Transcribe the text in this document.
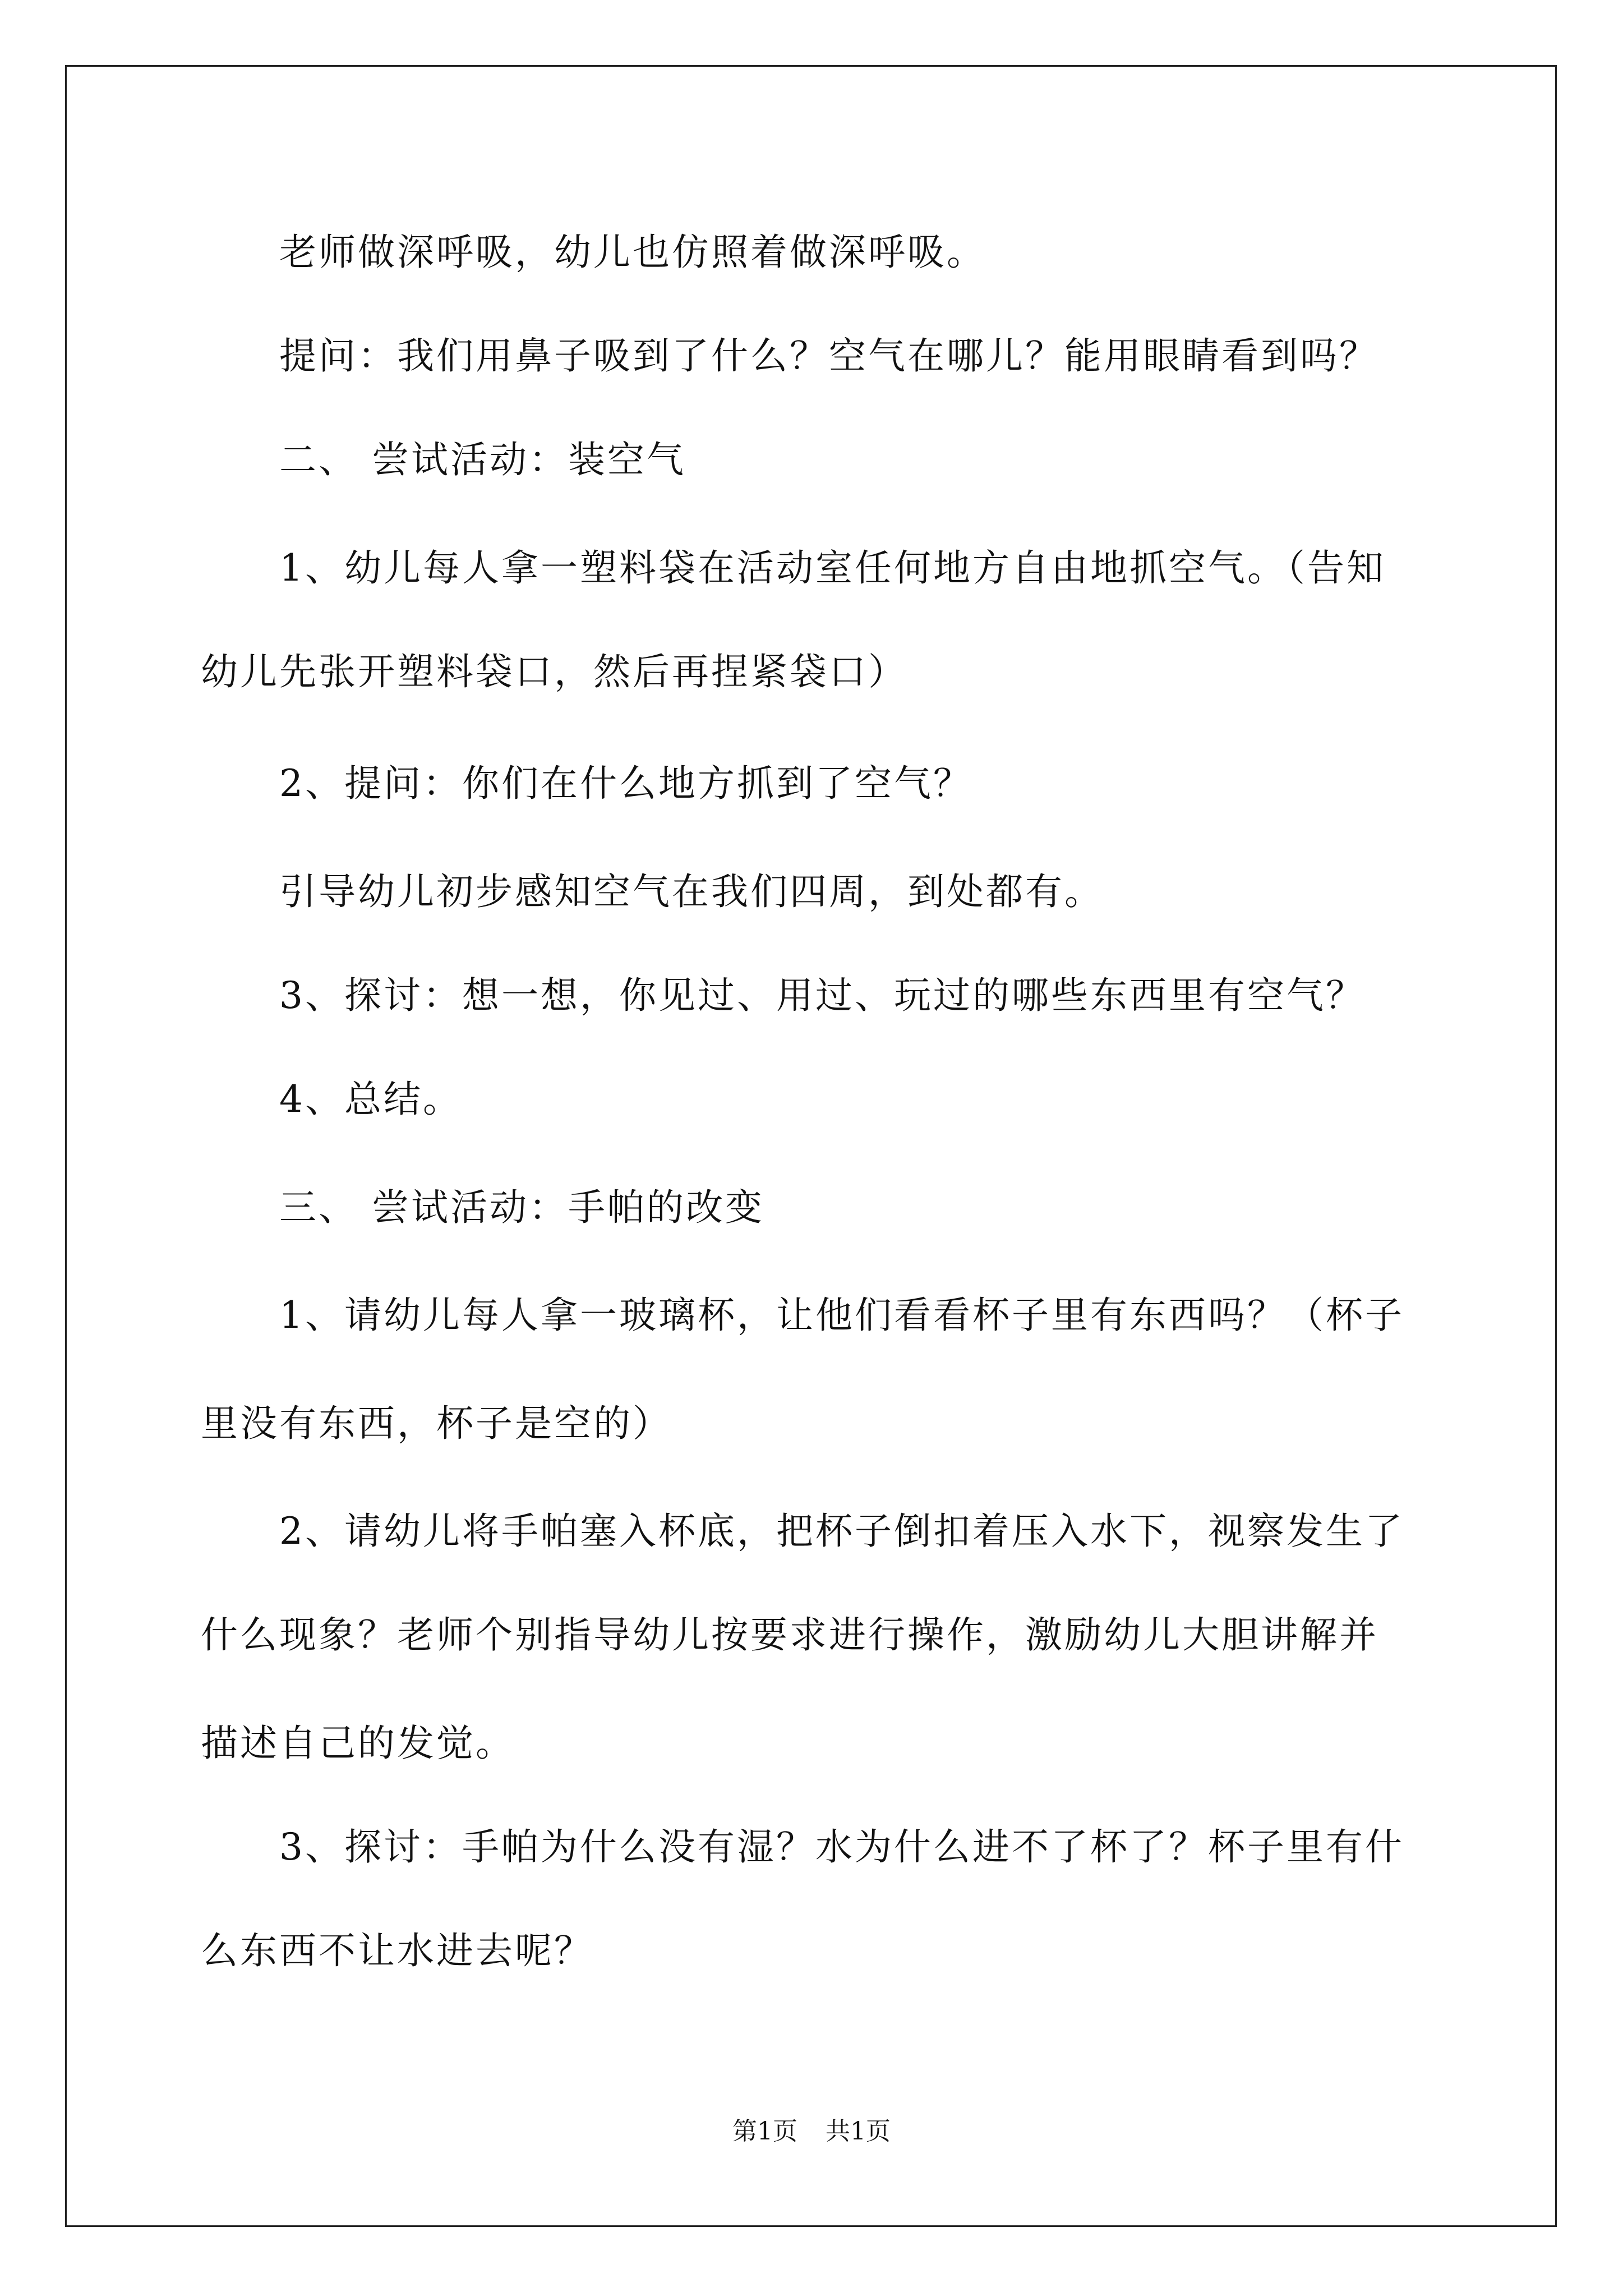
老师做深呼吸，幼儿也仿照着做深呼吸。
提问：我们用鼻子吸到了什么？空气在哪儿？能用眼睛看到吗？
二、 尝试活动：装空气
1、幼儿每人拿一塑料袋在活动室任何地方自由地抓空气。（告知
幼儿先张开塑料袋口，然后再捏紧袋口）
2、提问：你们在什么地方抓到了空气？
引导幼儿初步感知空气在我们四周，到处都有。
3、探讨：想一想，你见过、用过、玩过的哪些东西里有空气？
4、总结。
三、 尝试活动：手帕的改变
1、请幼儿每人拿一玻璃杯，让他们看看杯子里有东西吗？（杯子
里没有东西，杯子是空的）
2、请幼儿将手帕塞入杯底，把杯子倒扣着压入水下，视察发生了
什么现象？老师个别指导幼儿按要求进行操作，激励幼儿大胆讲解并
描述自己的发觉。
3、探讨：手帕为什么没有湿？水为什么进不了杯了？杯子里有什
么东西不让水进去呢？
第1页 共1页
